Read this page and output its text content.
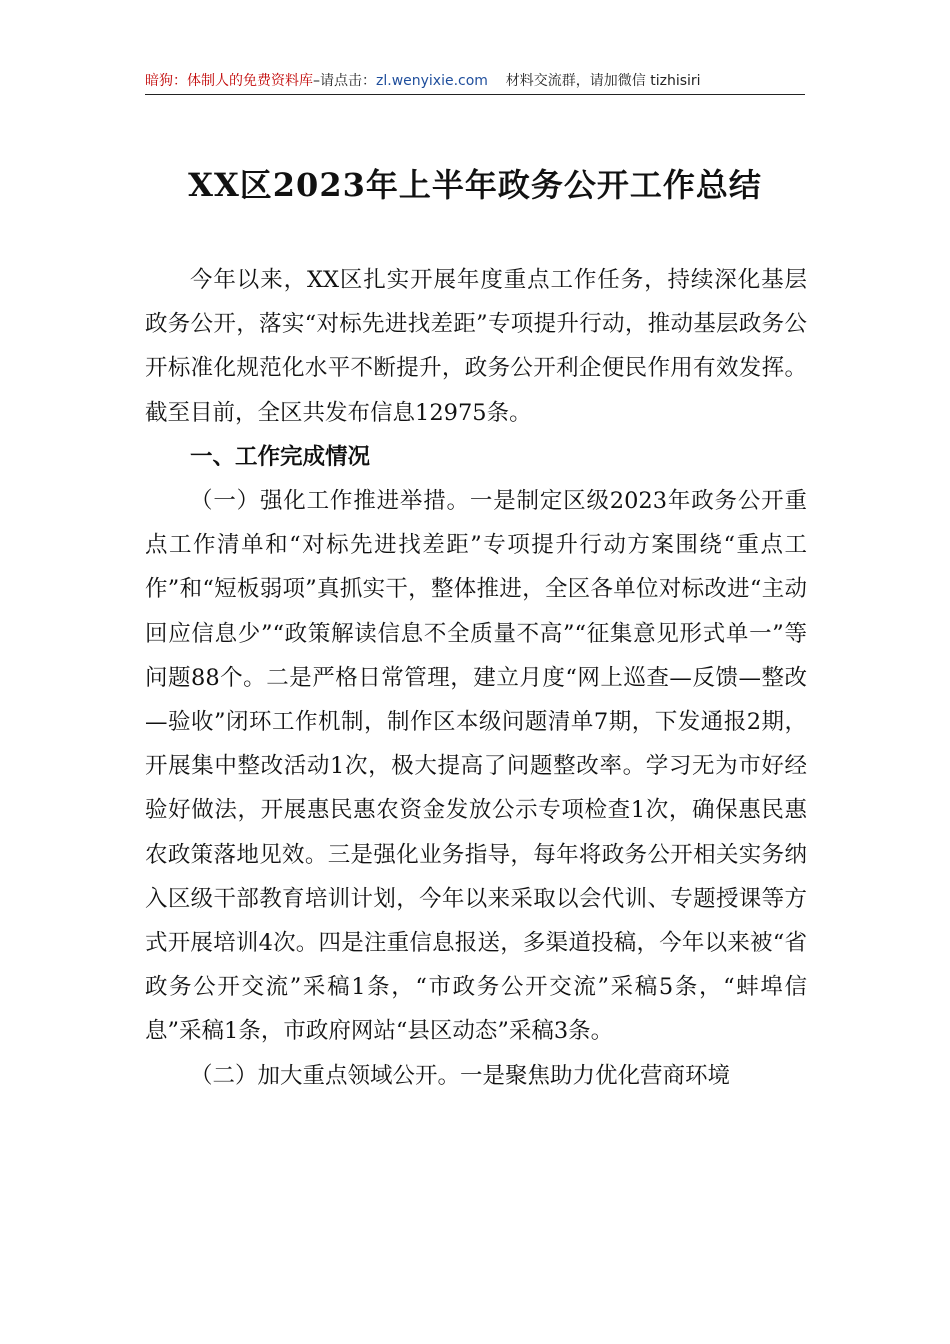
暗狗：体制人的免费资料库–请点击：zl.wenyixie.com 材料交流群，请加微信 tizhisiri
XX区2023年上半年政务公开工作总结

今年以来，XX区扎实开展年度重点工作任务，持续深化基层政务公开，落实“对标先进找差距”专项提升行动，推动基层政务公开标准化规范化水平不断提升，政务公开利企便民作用有效发挥。截至目前，全区共发布信息12975条。

一、工作完成情况

（一）强化工作推进举措。一是制定区级2023年政务公开重点工作清单和“对标先进找差距”专项提升行动方案围绕“重点工作”和“短板弱项”真抓实干，整体推进，全区各单位对标改进“主动回应信息少”“政策解读信息不全质量不高”“征集意见形式单一”等问题88个。二是严格日常管理，建立月度“网上巡查—反馈—整改—验收”闭环工作机制，制作区本级问题清单7期，下发通报2期，开展集中整改活动1次，极大提高了问题整改率。学习无为市好经验好做法，开展惠民惠农资金发放公示专项检查1次，确保惠民惠农政策落地见效。三是强化业务指导，每年将政务公开相关实务纳入区级干部教育培训计划，今年以来采取以会代训、专题授课等方式开展培训4次。四是注重信息报送，多渠道投稿，今年以来被“省政务公开交流”采稿1条，“市政务公开交流”采稿5条，“蚌埠信息”采稿1条，市政府网站“县区动态”采稿3条。

（二）加大重点领域公开。一是聚焦助力优化营商环境
